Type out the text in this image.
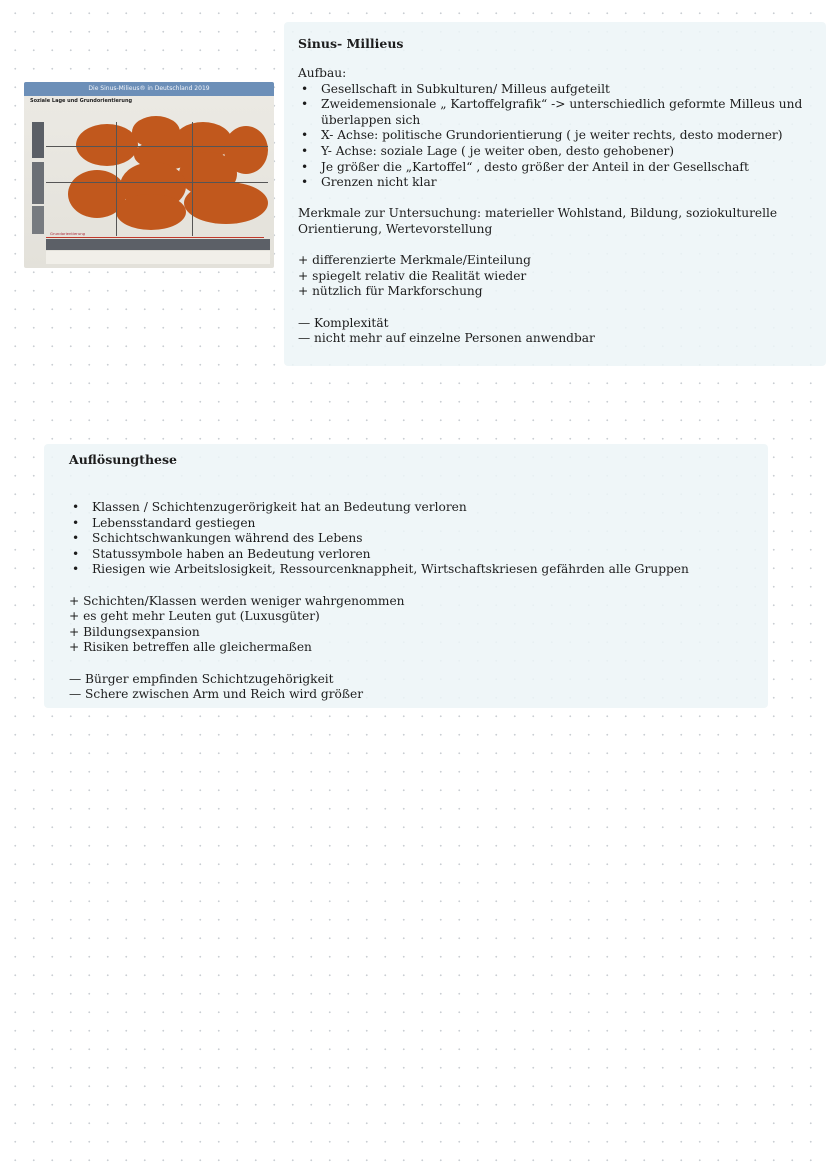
Die Sinus-Milieus® in Deutschland 2019
Soziale Lage und Grundorientierung
Grundorientierung
Sinus- Millieus

Aufbau:

• Gesellschaft in Subkulturen/ Milleus aufgeteilt
• Zweidemensionale „ Kartoffelgrafik“ -> unterschiedlich geformte Milleus und überlappen sich
• X- Achse: politische Grundorientierung ( je weiter rechts, desto moderner)
• Y- Achse: soziale Lage ( je weiter oben, desto gehobener)
• Je größer die „Kartoffel“ , desto größer der Anteil in der Gesellschaft
• Grenzen nicht klar

Merkmale zur Untersuchung: materieller Wohlstand, Bildung, soziokulturelle Orientierung, Wertevorstellung

+ differenzierte Merkmale/Einteilung
+ spiegelt relativ die Realität wieder
+ nützlich für Markforschung
— Komplexität
— nicht mehr auf einzelne Personen anwendbar
Auflösungthese
• Klassen / Schichtenzugerörigkeit hat an Bedeutung verloren
• Lebensstandard gestiegen
• Schichtschwankungen während des Lebens
• Statussymbole haben an Bedeutung verloren
• Riesigen wie Arbeitslosigkeit, Ressourcenknappheit, Wirtschaftskriesen gefährden alle Gruppen
+ Schichten/Klassen werden weniger wahrgenommen
+ es geht mehr Leuten gut (Luxusgüter)
+ Bildungsexpansion
+ Risiken betreffen alle gleichermaßen
— Bürger empfinden Schichtzugehörigkeit
— Schere zwischen Arm und Reich wird größer
